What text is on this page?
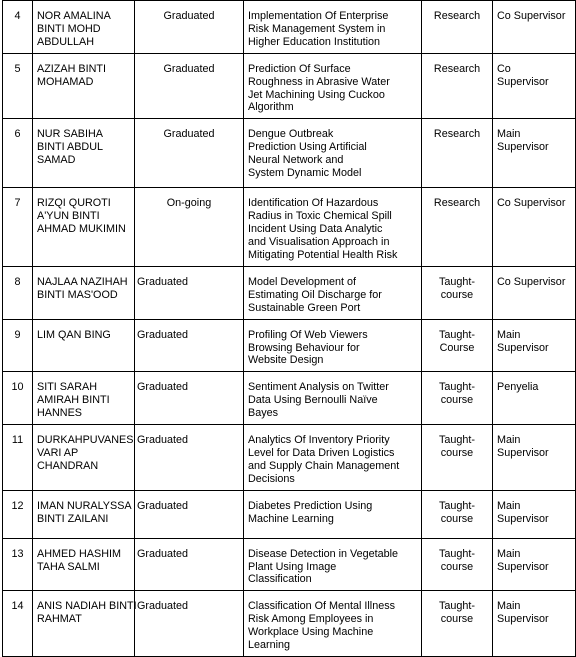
4	NOR AMALINA
BINTI MOHD
ABDULLAH	Graduated	Implementation Of Enterprise
Risk Management System in
Higher Education Institution	Research	Co Supervisor

5	AZIZAH BINTI
MOHAMAD	Graduated	Prediction Of Surface
Roughness in Abrasive Water
Jet Machining Using Cuckoo
Algorithm	Research	Co
Supervisor

6	NUR SABIHA
BINTI ABDUL
SAMAD	Graduated	Dengue Outbreak
Prediction Using Artificial
Neural Network and
System Dynamic Model	Research	Main
Supervisor

7	RIZQI QUROTI
A'YUN BINTI
AHMAD MUKIMIN	On-going	Identification Of Hazardous
Radius in Toxic Chemical Spill
Incident Using Data Analytic
and Visualisation Approach in
Mitigating Potential Health Risk	Research	Co Supervisor

8	NAJLAA NAZIHAH
BINTI MAS'OOD	Graduated	Model Development of
Estimating Oil Discharge for
Sustainable Green Port	Taught-
course	Co Supervisor

9	LIM QAN BING	Graduated	Profiling Of Web Viewers
Browsing Behaviour for
Website Design	Taught-
Course	Main
Supervisor

10	SITI SARAH
AMIRAH BINTI
HANNES	Graduated	Sentiment Analysis on Twitter
Data Using Bernoulli Naïve
Bayes	Taught-
course	Penyelia

11	DURKAHPUVANES
VARI AP
CHANDRAN	Graduated	Analytics Of Inventory Priority
Level for Data Driven Logistics
and Supply Chain Management
Decisions	Taught-
course	Main
Supervisor

12	IMAN NURALYSSA
BINTI ZAILANI	Graduated	Diabetes Prediction Using
Machine Learning	Taught-
course	Main
Supervisor

13	AHMED HASHIM
TAHA SALMI	Graduated	Disease Detection in Vegetable
Plant Using Image
Classification	Taught-
course	Main
Supervisor

14	ANIS NADIAH BINTI
RAHMAT	Graduated	Classification Of Mental Illness
Risk Among Employees in
Workplace Using Machine
Learning	Taught-
course	Main
Supervisor
